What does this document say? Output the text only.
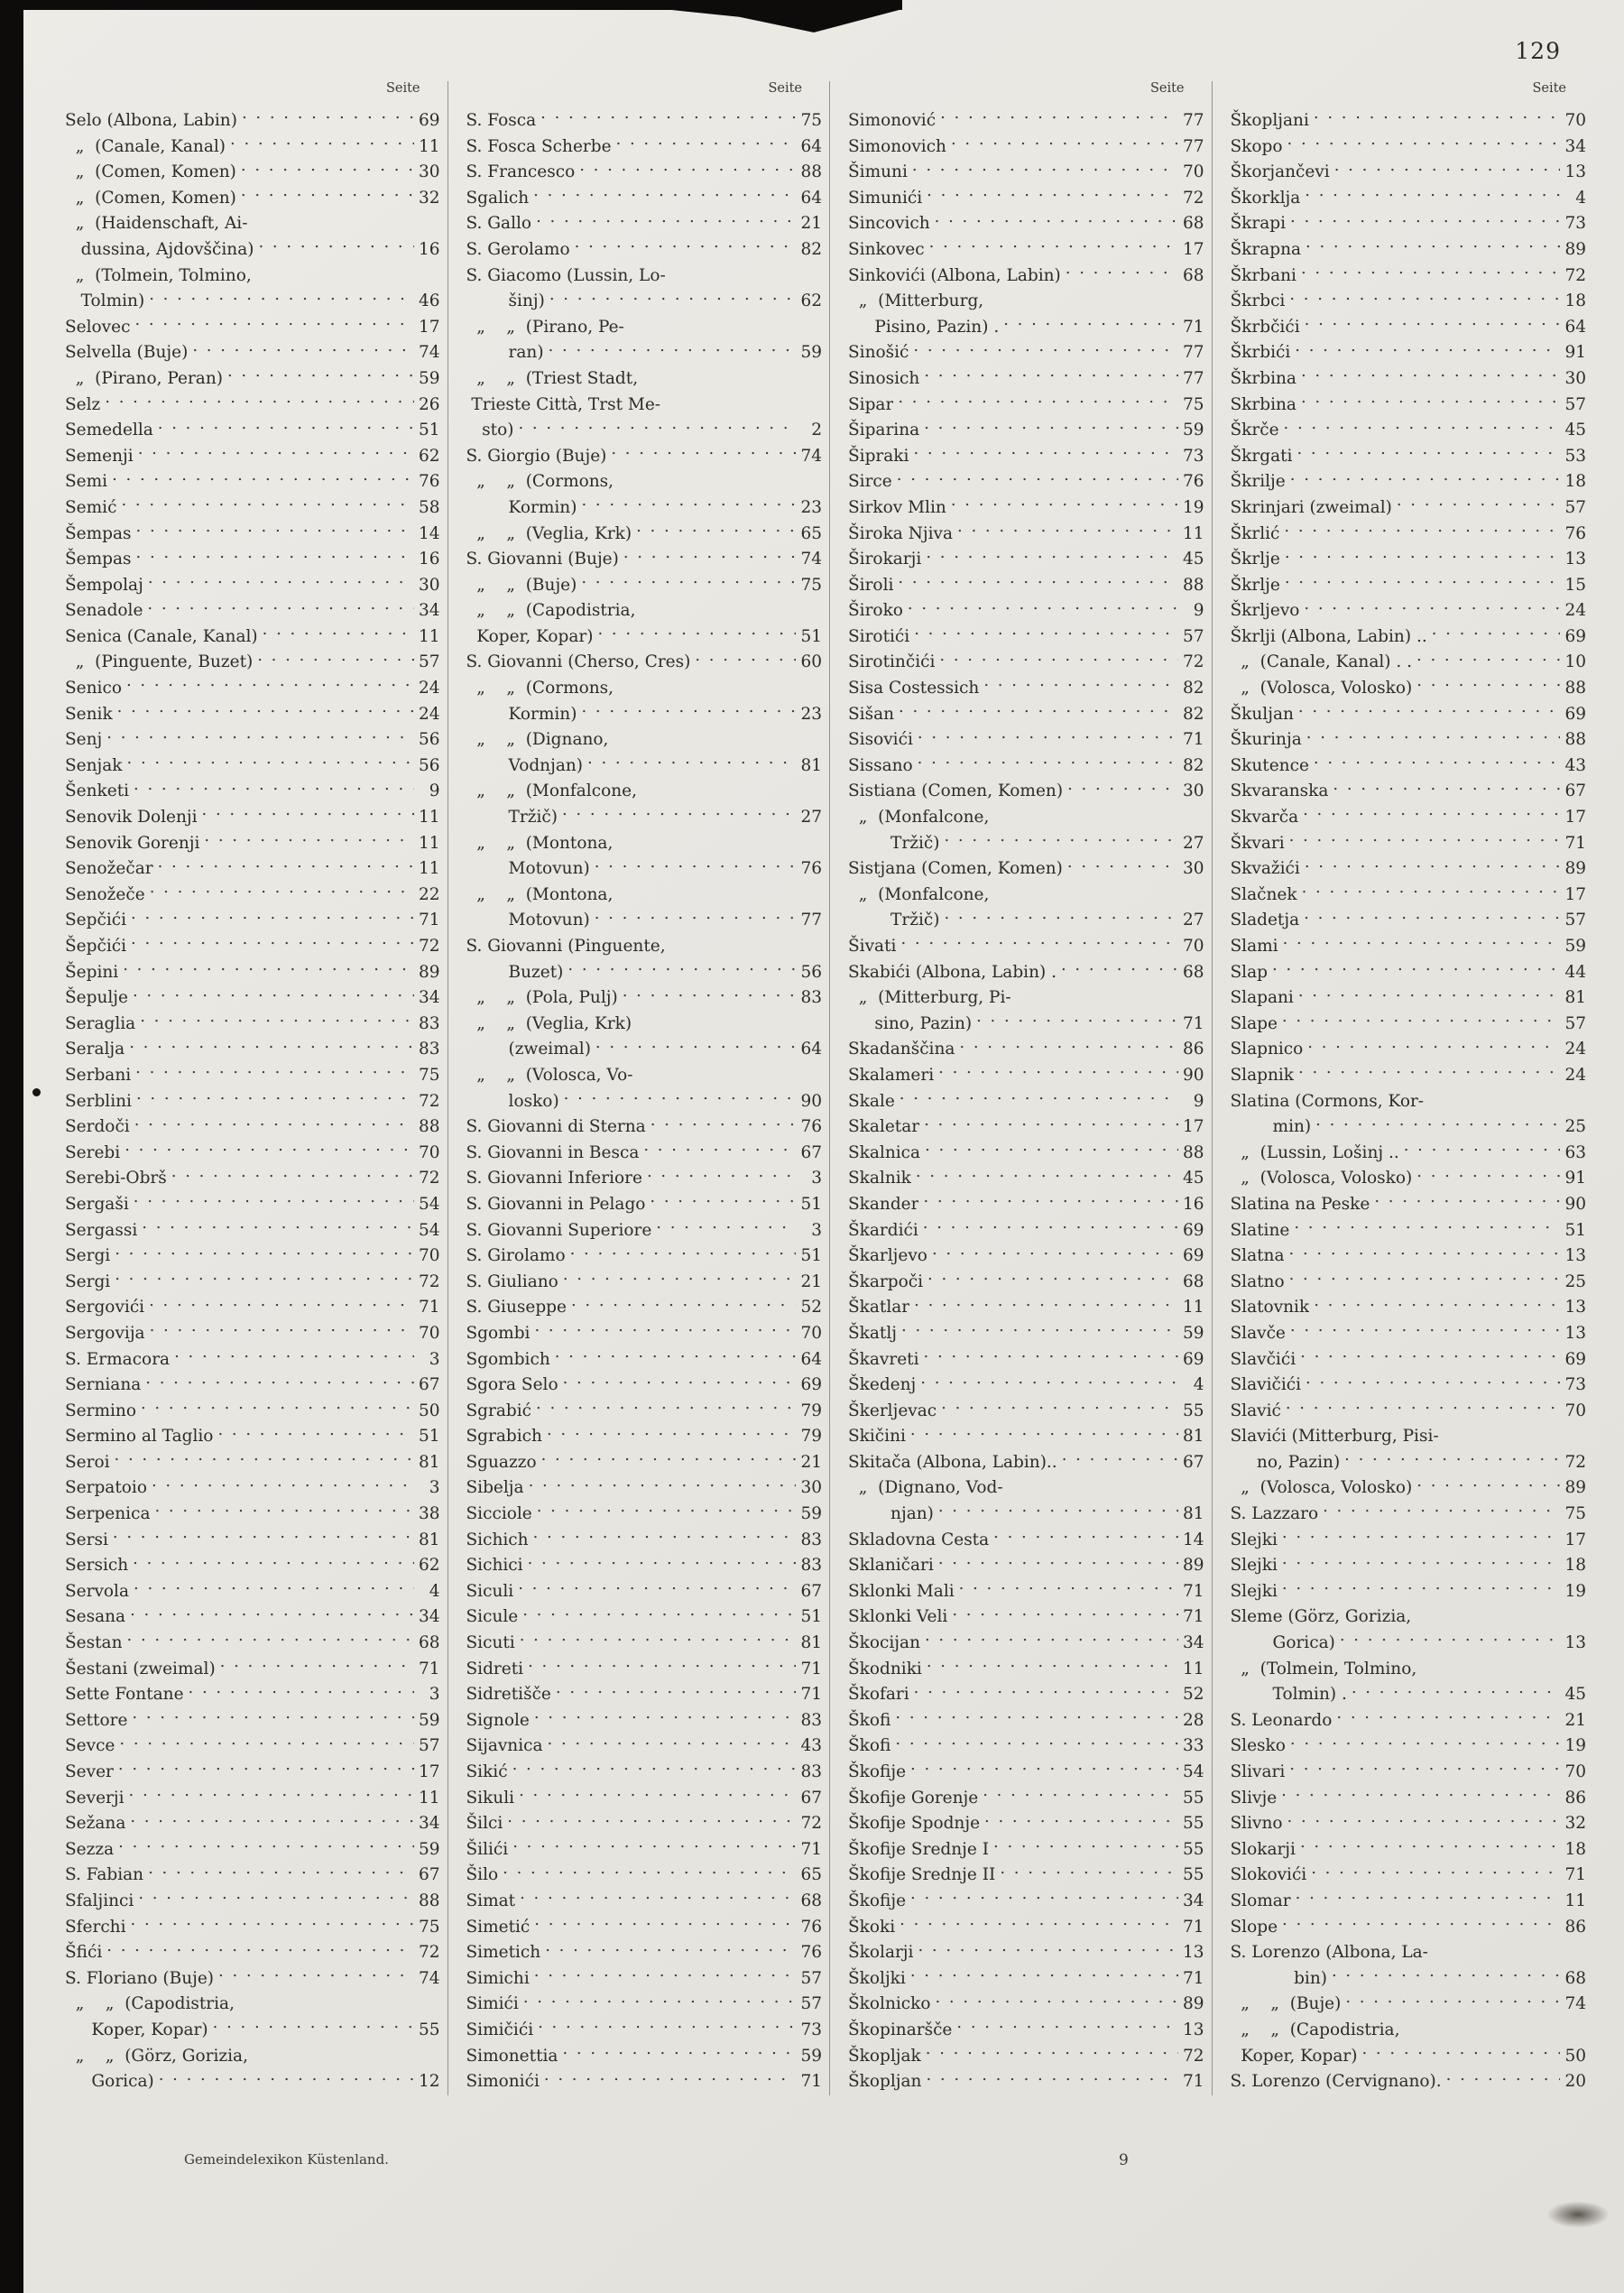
129
Seite
Selo (Albona, Labin) . . .	69
„  (Canale, Kanal) . . .	11
„  (Comen, Komen) . . .	30
„  (Comen, Komen) . . .	32
„  (Haidenschaft, Ai-
dussina, Ajdovščina) . . .	16
„  (Tolmein, Tolmino,
Tolmin) . . .	46
Selovec . . .	17
Selvella (Buje) . . .	74
„  (Pirano, Peran) . . .	59
Selz . . .	26
Semedella . . .	51
Semenji . . .	62
Semi . . .	76
Semić . . .	58
Šempas . . .	14
Šempas . . .	16
Šempolaj . . .	30
Senadole . . .	34
Senica (Canale, Kanal) . . .	11
„  (Pinguente, Buzet) . . .	57
Senico . . .	24
Senik . . .	24
Senj . . .	56
Senjak . . .	56
Šenketi . . .	9
Senovik Dolenji . . .	11
Senovik Gorenji . . .	11
Senožečar . . .	11
Senožeče . . .	22
Sepčići . . .	71
Šepčići . . .	72
Šepini . . .	89
Šepulje . . .	34
Seraglia . . .	83
Seralja . . .	83
Serbani . . .	75
Serblini . . .	72
Serdoči . . .	88
Serebi . . .	70
Serebi-Obrš . . .	72
Sergaši . . .	54
Sergassi . . .	54
Sergi . . .	70
Sergi . . .	72
Sergovići . . .	71
Sergovija . . .	70
S. Ermacora . . .	3
Serniana . . .	67
Sermino . . .	50
Sermino al Taglio . . .	51
Seroi . . .	81
Serpatoio . . .	3
Serpenica . . .	38
Sersi . . .	81
Sersich . . .	62
Servola . . .	4
Sesana . . .	34
Šestan . . .	68
Šestani (zweimal) . . .	71
Sette Fontane . . .	3
Settore . . .	59
Sevce . . .	57
Sever . . .	17
Severji . . .	11
Sežana . . .	34
Sezza . . .	59
S. Fabian . . .	67
Sfaljinci . . .	88
Sferchi . . .	75
Šfići . . .	72
S. Floriano (Buje) . . .	74
„    „  (Capodistria,
Koper, Kopar) . . .	55
„    „  (Görz, Gorizia,
Gorica) . . .	12
Seite
S. Fosca . . .	75
S. Fosca Scherbe . . .	64
S. Francesco . . .	88
Sgalich . . .	64
S. Gallo . . .	21
S. Gerolamo . . .	82
S. Giacomo (Lussin, Lo-
šinj) . . .	62
„    „  (Pirano, Pe-
ran) . . .	59
„    „  (Triest Stadt,
Trieste Città, Trst Me-
sto) . . .	2
S. Giorgio (Buje) . . .	74
„    „  (Cormons,
Kormin) . . .	23
„    „  (Veglia, Krk) . . .	65
S. Giovanni (Buje) . . .	74
„    „  (Buje) . . .	75
„    „  (Capodistria,
Koper, Kopar) . . .	51
S. Giovanni (Cherso, Cres) . . .	60
„    „  (Cormons,
Kormin) . . .	23
„    „  (Dignano,
Vodnjan) . . .	81
„    „  (Monfalcone,
Tržič) . . .	27
„    „  (Montona,
Motovun) . . .	76
„    „  (Montona,
Motovun) . . .	77
S. Giovanni (Pinguente,
Buzet) . . .	56
„    „  (Pola, Pulj) . . .	83
„    „  (Veglia, Krk)
(zweimal) . . .	64
„    „  (Volosca, Vo-
losko) . . .	90
S. Giovanni di Sterna . . .	76
S. Giovanni in Besca . . .	67
S. Giovanni Inferiore . . .	3
S. Giovanni in Pelago . . .	51
S. Giovanni Superiore . . .	3
S. Girolamo . . .	51
S. Giuliano . . .	21
S. Giuseppe . . .	52
Sgombi . . .	70
Sgombich . . .	64
Sgora Selo . . .	69
Sgrabić . . .	79
Sgrabich . . .	79
Sguazzo . . .	21
Sibelja . . .	30
Sicciole . . .	59
Sichich . . .	83
Sichici . . .	83
Siculi . . .	67
Sicule . . .	51
Sicuti . . .	81
Sidreti . . .	71
Sidretišče . . .	71
Signole . . .	83
Sijavnica . . .	43
Sikić . . .	83
Sikuli . . .	67
Šilci . . .	72
Šilići . . .	71
Šilo . . .	65
Simat . . .	68
Simetić . . .	76
Simetich . . .	76
Simichi . . .	57
Simići . . .	57
Simičići . . .	73
Simonettia . . .	59
Simonići . . .	71
Seite
Simonović . . .	77
Simonovich . . .	77
Šimuni . . .	70
Simunići . . .	72
Sincovich . . .	68
Sinkovec . . .	17
Sinkovići (Albona, Labin) . . .	68
„  (Mitterburg,
Pisino, Pazin) . . . .	71
Sinošić . . .	77
Sinosich . . .	77
Sipar . . .	75
Šiparina . . .	59
Šipraki . . .	73
Sirce . . .	76
Sirkov Mlin . . .	19
Široka Njiva . . .	11
Širokarji . . .	45
Široli . . .	88
Široko . . .	9
Sirotići . . .	57
Sirotinčići . . .	72
Sisa Costessich . . .	82
Sišan . . .	82
Sisovići . . .	71
Sissano . . .	82
Sistiana (Comen, Komen) . . .	30
„  (Monfalcone,
Tržič) . . .	27
Sistjana (Comen, Komen) . . .	30
„  (Monfalcone,
Tržič) . . .	27
Šivati . . .	70
Skabići (Albona, Labin) . . . .	68
„  (Mitterburg, Pi-
sino, Pazin) . . .	71
Skadanščina . . .	86
Skalameri . . .	90
Skale . . .	9
Skaletar . . .	17
Skalnica . . .	88
Skalnik . . .	45
Skander . . .	16
Škardići . . .	69
Škarljevo . . .	69
Škarpoči . . .	68
Škatlar . . .	11
Škatlj . . .	59
Škavreti . . .	69
Škedenj . . .	4
Škerljevac . . .	55
Skičini . . .	81
Skitača (Albona, Labin).. . . .	67
„  (Dignano, Vod-
njan) . . .	81
Skladovna Cesta . . .	14
Sklaničari . . .	89
Sklonki Mali . . .	71
Sklonki Veli . . .	71
Škocijan . . .	34
Škodniki . . .	11
Škofari . . .	52
Škofi . . .	28
Škofi . . .	33
Škofije . . .	54
Škofije Gorenje . . .	55
Škofije Spodnje . . .	55
Škofije Srednje I . . .	55
Škofije Srednje II . . .	55
Škofije . . .	34
Škoki . . .	71
Školarji . . .	13
Školjki . . .	71
Školnicko . . .	89
Škopinaršče . . .	13
Škopljak . . .	72
Škopljan . . .	71
Seite
Škopljani . . .	70
Skopo . . .	34
Škorjančevi . . .	13
Škorklja . . .	4
Škrapi . . .	73
Škrapna . . .	89
Škrbani . . .	72
Škrbci . . .	18
Škrbčići . . .	64
Škrbići . . .	91
Škrbina . . .	30
Skrbina . . .	57
Škrče . . .	45
Škrgati . . .	53
Škrilje . . .	18
Skrinjari (zweimal) . . .	57
Škrlić . . .	76
Škrlje . . .	13
Škrlje . . .	15
Škrljevo . . .	24
Škrlji (Albona, Labin) .. . . .	69
„  (Canale, Kanal) . . . . .	10
„  (Volosca, Volosko) . . .	88
Škuljan . . .	69
Škurinja . . .	88
Skutence . . .	43
Skvaranska . . .	67
Skvarča . . .	17
Škvari . . .	71
Skvažići . . .	89
Slačnek . . .	17
Sladetja . . .	57
Slami . . .	59
Slap . . .	44
Slapani . . .	81
Slape . . .	57
Slapnico . . .	24
Slapnik . . .	24
Slatina (Cormons, Kor-
min) . . .	25
„  (Lussin, Lošinj .. . . .	63
„  (Volosca, Volosko) . . .	91
Slatina na Peske . . .	90
Slatine . . .	51
Slatna . . .	13
Slatno . . .	25
Slatovnik . . .	13
Slavče . . .	13
Slavčići . . .	69
Slavičići . . .	73
Slavić . . .	70
Slavići (Mitterburg, Pisi-
no, Pazin) . . .	72
„  (Volosca, Volosko) . . .	89
S. Lazzaro . . .	75
Slejki . . .	17
Slejki . . .	18
Slejki . . .	19
Sleme (Görz, Gorizia,
Gorica) . . .	13
„  (Tolmein, Tolmino,
Tolmin) . . . .	45
S. Leonardo . . .	21
Slesko . . .	19
Slivari . . .	70
Slivje . . .	86
Slivno . . .	32
Slokarji . . .	18
Slokovići . . .	71
Slomar . . .	11
Slope . . .	86
S. Lorenzo (Albona, La-
bin) . . .	68
„    „  (Buje) . . .	74
„    „  (Capodistria,
Koper, Kopar) . . .	50
S. Lorenzo (Cervignano). . . .	20
Gemeindelexikon Küstenland.	9
